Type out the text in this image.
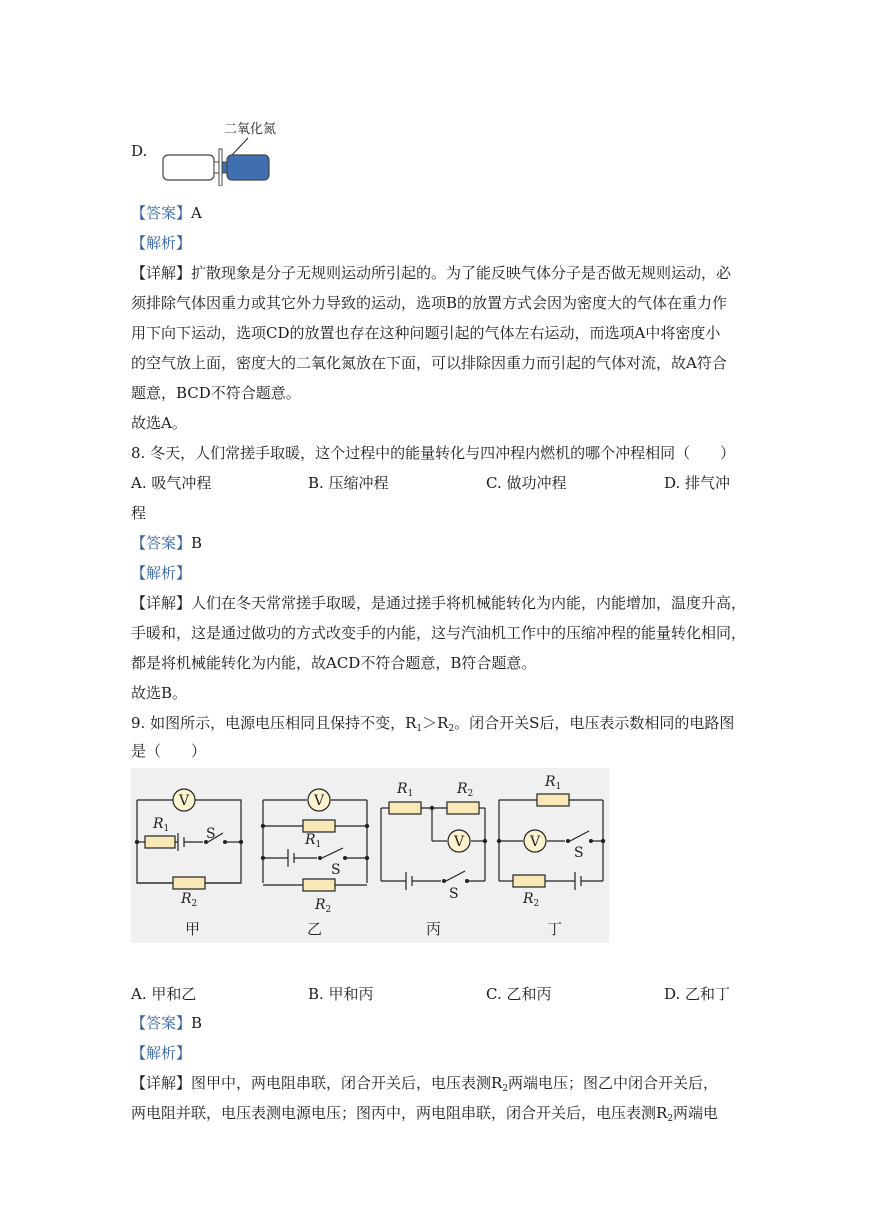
D.
二氧化氮
【答案】A
【解析】
【详解】扩散现象是分子无规则运动所引起的。为了能反映气体分子是否做无规则运动，必
须排除气体因重力或其它外力导致的运动，选项B的放置方式会因为密度大的气体在重力作
用下向下运动，选项CD的放置也存在这种问题引起的气体左右运动，而选项A中将密度小
的空气放上面，密度大的二氧化氮放在下面，可以排除因重力而引起的气体对流，故A符合
题意，BCD不符合题意。
故选A。
8. 冬天，人们常搓手取暖，这个过程中的能量转化与四冲程内燃机的哪个冲程相同（　　）
A. 吸气冲程	B. 压缩冲程	C. 做功冲程	D. 排气冲
程
【答案】B
【解析】
【详解】人们在冬天常常搓手取暖，是通过搓手将机械能转化为内能，内能增加，温度升高，
手暖和，这是通过做功的方式改变手的内能，这与汽油机工作中的压缩冲程的能量转化相同，
都是将机械能转化为内能，故ACD不符合题意，B符合题意。
故选B。
9. 如图所示，电源电压相同且保持不变，$R_1>R_2$。闭合开关S后，电压表示数相同的电路图
是（　　）
V	V
V	V
$R_1$
$R_2$
$R_1$
$R_2$
$R_1$	$R_2$
$R_1$
$R_2$
S
S
S
S
甲	乙	丙	丁
A. 甲和乙	B. 甲和丙	C. 乙和丙	D. 乙和丁
【答案】B
【解析】
【详解】图甲中，两电阻串联，闭合开关后，电压表测$R_2$两端电压；图乙中闭合开关后，
两电阻并联，电压表测电源电压；图丙中，两电阻串联，闭合开关后，电压表测$R_2$两端电
